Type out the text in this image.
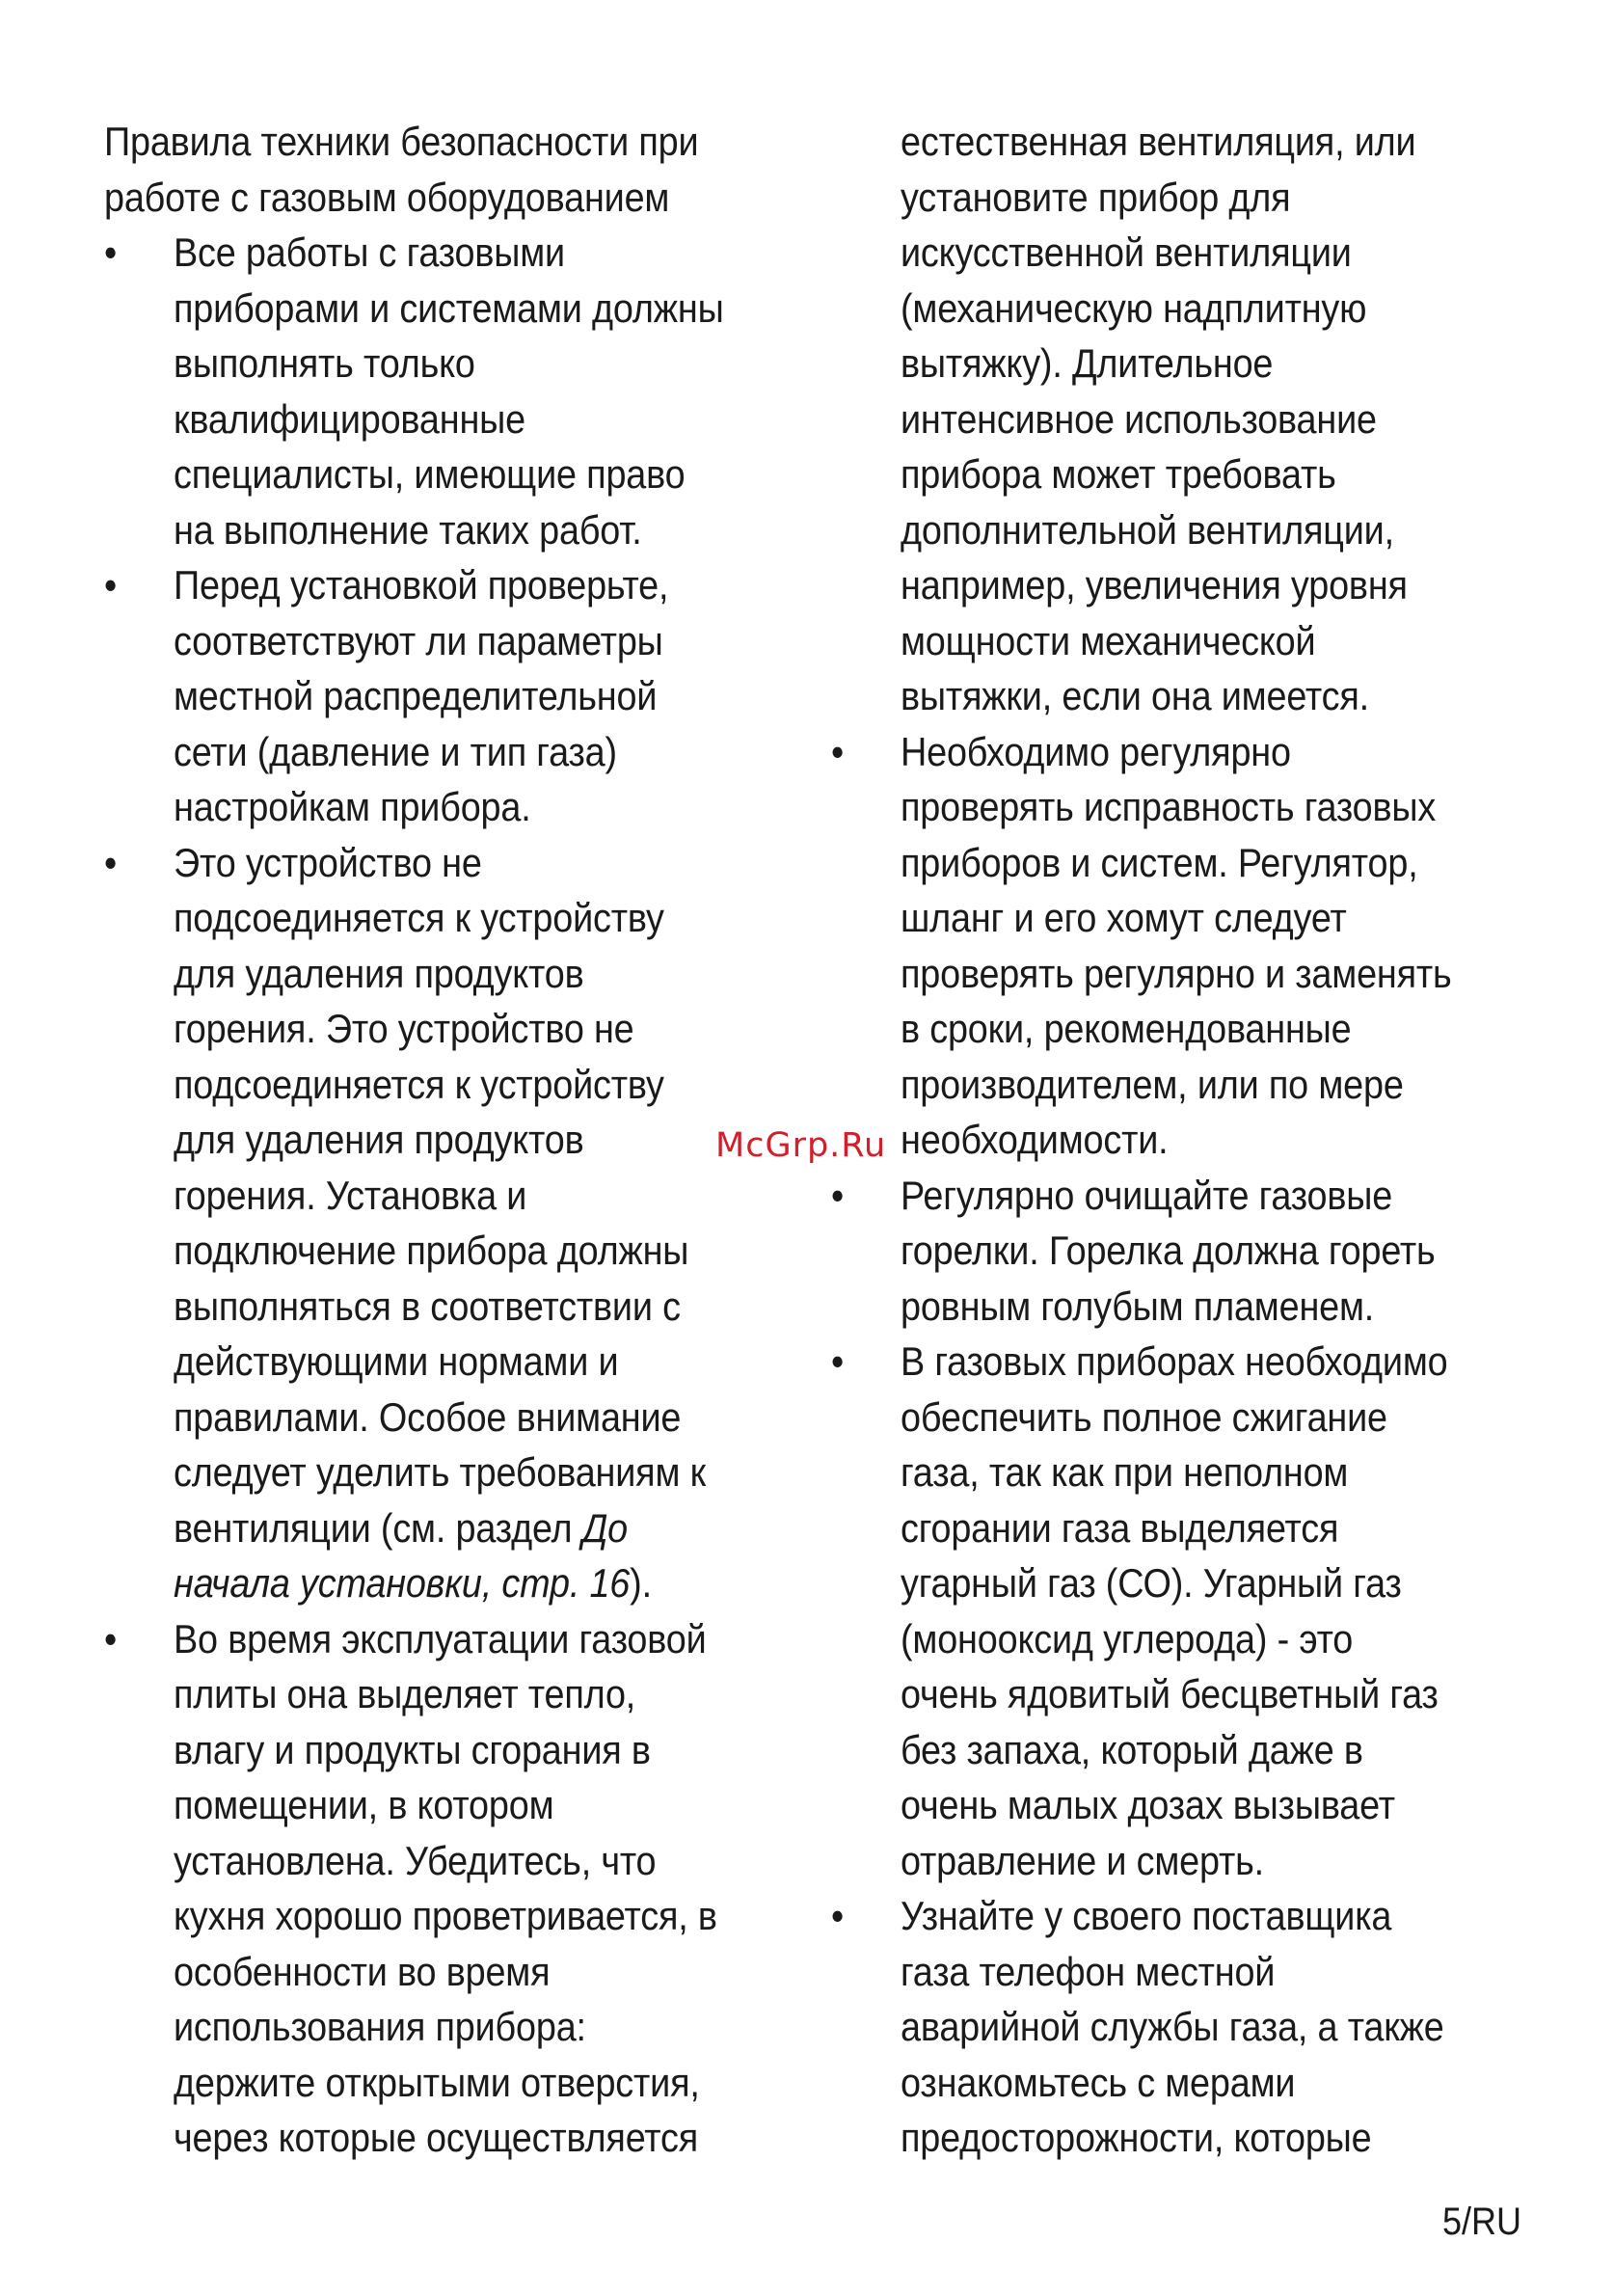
Правила техники безопасности при
работе с газовым оборудованием

• Все работы с газовыми
приборами и системами должны
выполнять только
квалифицированные
специалисты, имеющие право
на выполнение таких работ.
• Перед установкой проверьте,
соответствуют ли параметры
местной распределительной
сети (давление и тип газа)
настройкам прибора.
• Это устройство не
подсоединяется к устройству
для удаления продуктов
горения. Это устройство не
подсоединяется к устройству
для удаления продуктов
горения. Установка и
подключение прибора должны
выполняться в соответствии с
действующими нормами и
правилами. Особое внимание
следует уделить требованиям к
вентиляции (см. раздел До
начала установки, стр. 16).
• Во время эксплуатации газовой
плиты она выделяет тепло,
влагу и продукты сгорания в
помещении, в котором
установлена. Убедитесь, что
кухня хорошо проветривается, в
особенности во время
использования прибора:
держите открытыми отверстия,
через которые осуществляется
естественная вентиляция, или
установите прибор для
искусственной вентиляции
(механическую надплитную
вытяжку). Длительное
интенсивное использование
прибора может требовать
дополнительной вентиляции,
например, увеличения уровня
мощности механической
вытяжки, если она имеется.
• Необходимо регулярно
проверять исправность газовых
приборов и систем. Регулятор,
шланг и его хомут следует
проверять регулярно и заменять
в сроки, рекомендованные
производителем, или по мере
необходимости.
• Регулярно очищайте газовые
горелки. Горелка должна гореть
ровным голубым пламенем.
• В газовых приборах необходимо
обеспечить полное сжигание
газа, так как при неполном
сгорании газа выделяется
угарный газ (СО). Угарный газ
(монооксид углерода) - это
очень ядовитый бесцветный газ
без запаха, который даже в
очень малых дозах вызывает
отравление и смерть.
• Узнайте у своего поставщика
газа телефон местной
аварийной службы газа, а также
ознакомьтесь с мерами
предосторожности, которые
McGrp.Ru
5/RU
